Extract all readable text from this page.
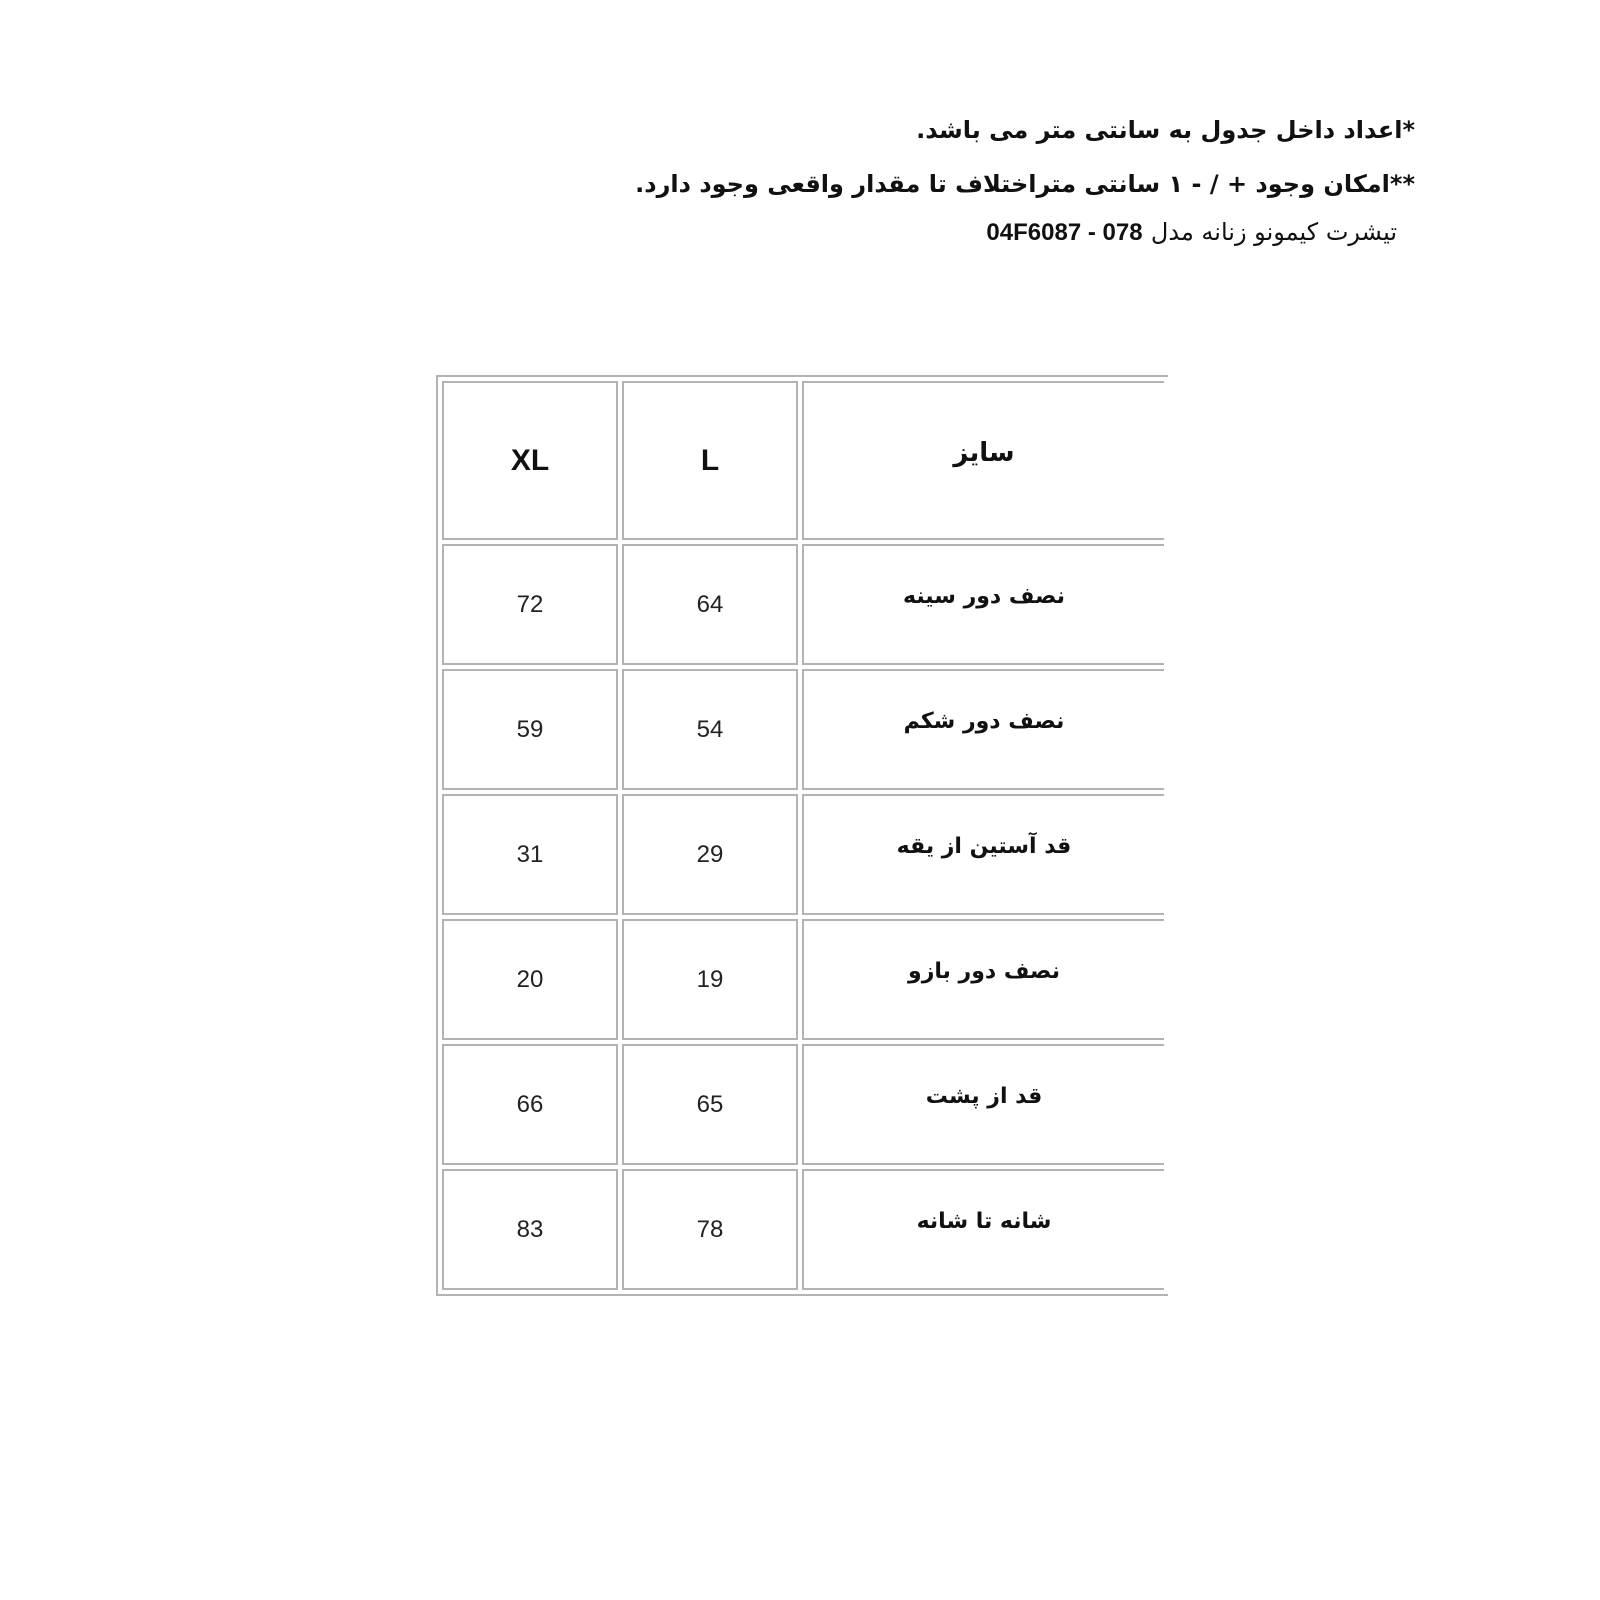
*اعداد داخل جدول به سانتی متر می باشد.
**امکان وجود + / - ۱ سانتی متراختلاف تا مقدار واقعی وجود دارد.
تیشرت کیمونو زنانه مدل 04F6087 - 078
XL	L	سایز
72	64	نصف دور سینه
59	54	نصف دور شکم
31	29	قد آستین از یقه
20	19	نصف دور بازو
66	65	قد از پشت
83	78	شانه تا شانه
